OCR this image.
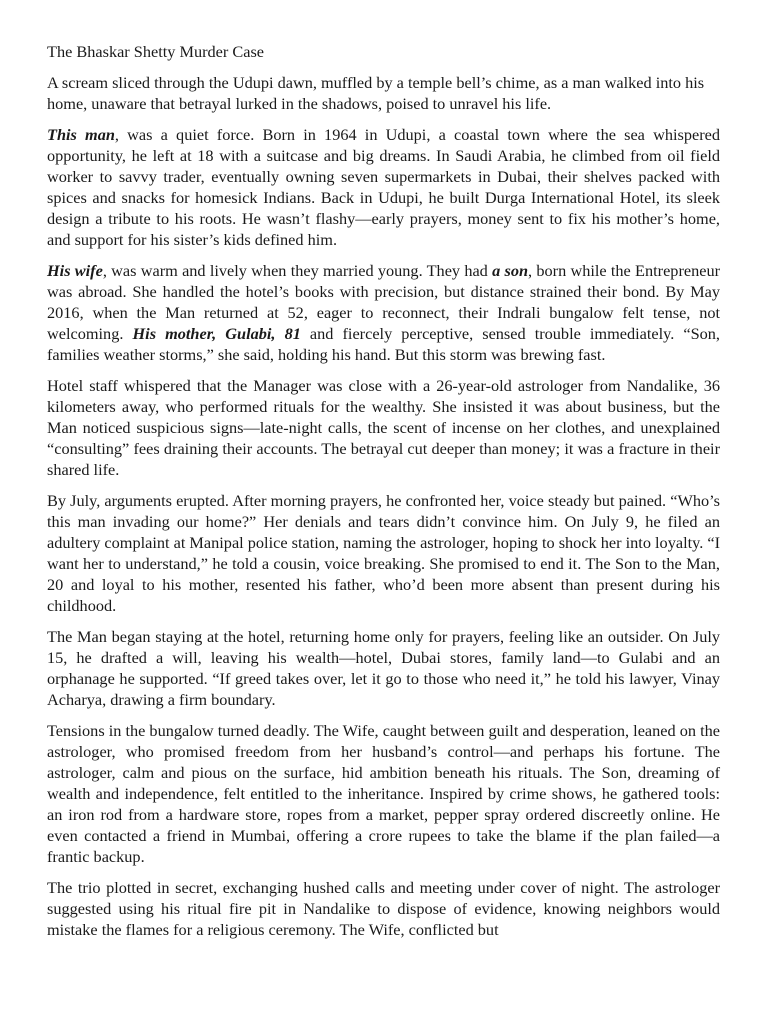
The Bhaskar Shetty Murder Case

A scream sliced through the Udupi dawn, muffled by a temple bell’s chime, as a man walked into his home, unaware that betrayal lurked in the shadows, poised to unravel his life.

This man, was a quiet force. Born in 1964 in Udupi, a coastal town where the sea whispered opportunity, he left at 18 with a suitcase and big dreams. In Saudi Arabia, he climbed from oil field worker to savvy trader, eventually owning seven supermarkets in Dubai, their shelves packed with spices and snacks for homesick Indians. Back in Udupi, he built Durga International Hotel, its sleek design a tribute to his roots. He wasn’t flashy—early prayers, money sent to fix his mother’s home, and support for his sister’s kids defined him.

His wife, was warm and lively when they married young. They had a son, born while the Entrepreneur was abroad. She handled the hotel’s books with precision, but distance strained their bond. By May 2016, when the Man returned at 52, eager to reconnect, their Indrali bungalow felt tense, not welcoming. His mother, Gulabi, 81 and fiercely perceptive, sensed trouble immediately. “Son, families weather storms,” she said, holding his hand. But this storm was brewing fast.

Hotel staff whispered that the Manager was close with a 26-year-old astrologer from Nandalike, 36 kilometers away, who performed rituals for the wealthy. She insisted it was about business, but the Man noticed suspicious signs—late-night calls, the scent of incense on her clothes, and unexplained “consulting” fees draining their accounts. The betrayal cut deeper than money; it was a fracture in their shared life.

By July, arguments erupted. After morning prayers, he confronted her, voice steady but pained. “Who’s this man invading our home?” Her denials and tears didn’t convince him. On July 9, he filed an adultery complaint at Manipal police station, naming the astrologer, hoping to shock her into loyalty. “I want her to understand,” he told a cousin, voice breaking. She promised to end it. The Son to the Man, 20 and loyal to his mother, resented his father, who’d been more absent than present during his childhood.

The Man began staying at the hotel, returning home only for prayers, feeling like an outsider. On July 15, he drafted a will, leaving his wealth—hotel, Dubai stores, family land—to Gulabi and an orphanage he supported. “If greed takes over, let it go to those who need it,” he told his lawyer, Vinay Acharya, drawing a firm boundary.

Tensions in the bungalow turned deadly. The Wife, caught between guilt and desperation, leaned on the astrologer, who promised freedom from her husband’s control—and perhaps his fortune. The astrologer, calm and pious on the surface, hid ambition beneath his rituals. The Son, dreaming of wealth and independence, felt entitled to the inheritance. Inspired by crime shows, he gathered tools: an iron rod from a hardware store, ropes from a market, pepper spray ordered discreetly online. He even contacted a friend in Mumbai, offering a crore rupees to take the blame if the plan failed—a frantic backup.

The trio plotted in secret, exchanging hushed calls and meeting under cover of night. The astrologer suggested using his ritual fire pit in Nandalike to dispose of evidence, knowing neighbors would mistake the flames for a religious ceremony. The Wife, conflicted but
